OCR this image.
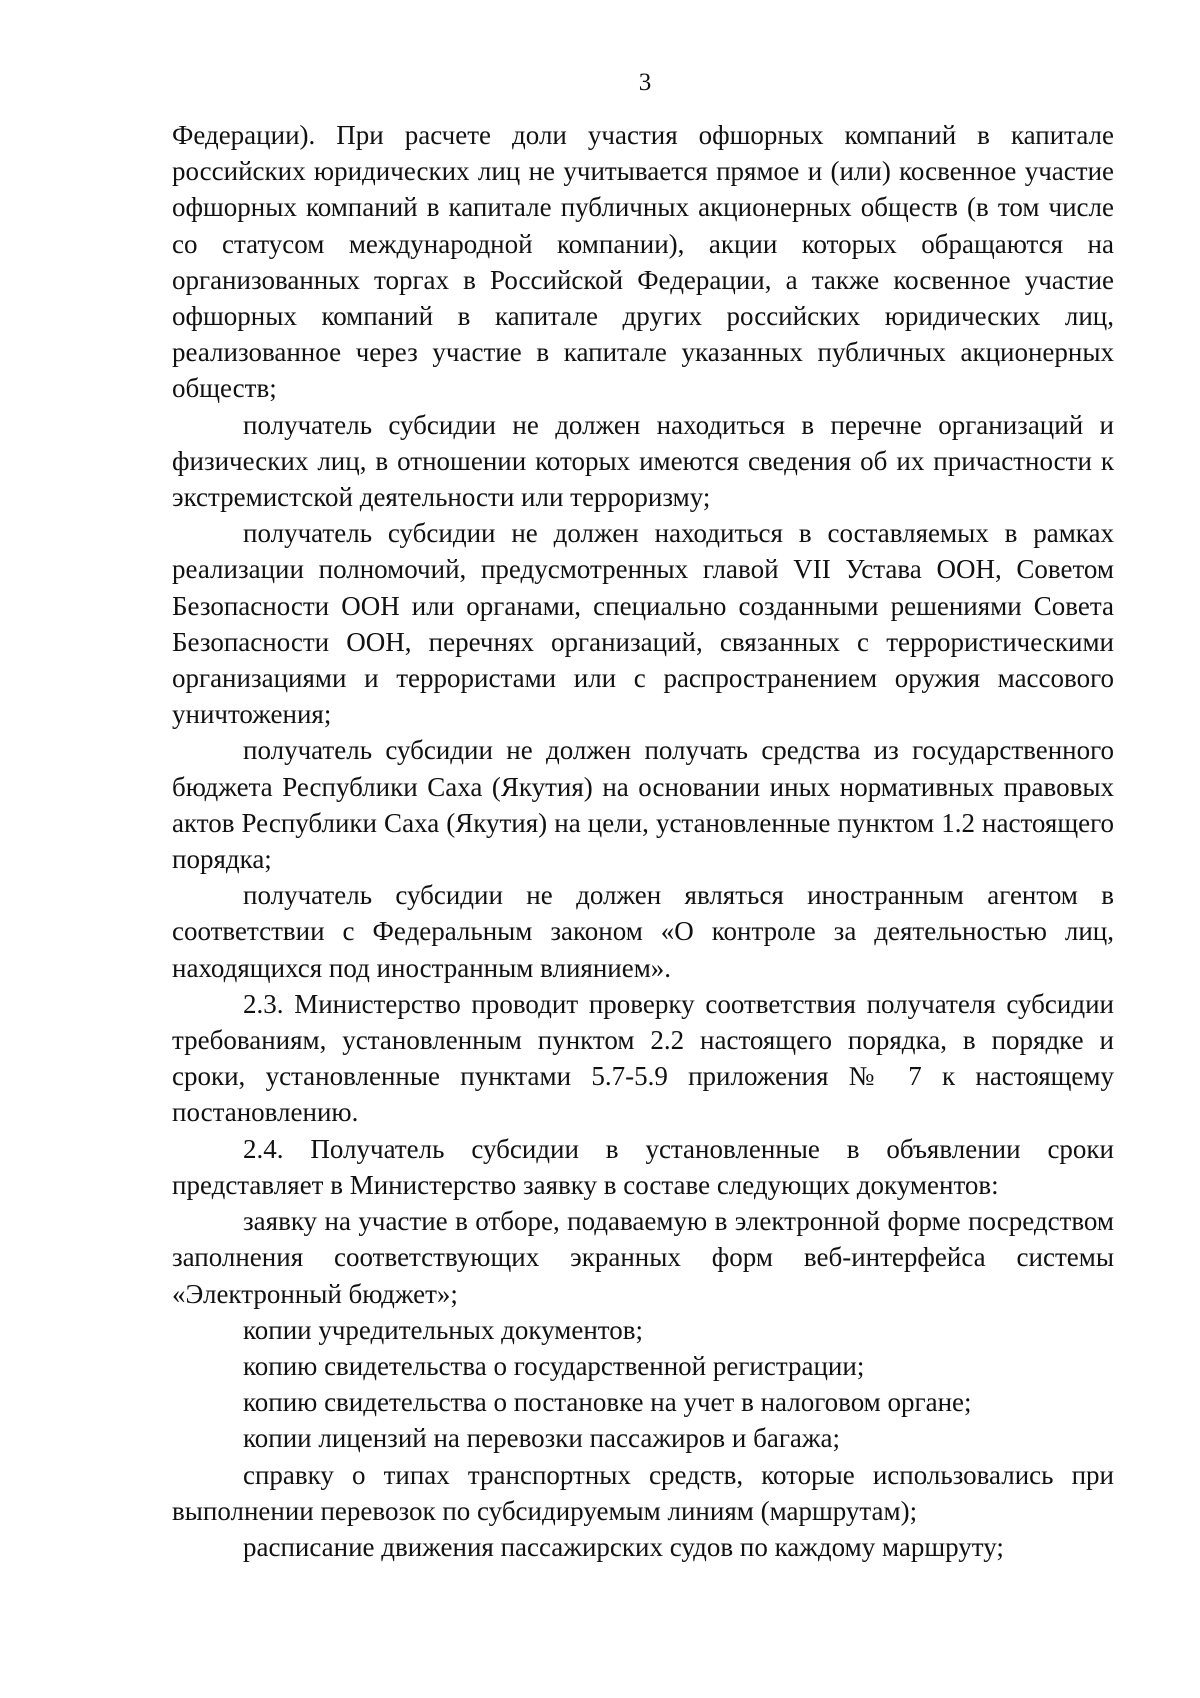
3

Федерации). При расчете доли участия офшорных компаний в капитале российских юридических лиц не учитывается прямое и (или) косвенное участие офшорных компаний в капитале публичных акционерных обществ (в том числе со статусом международной компании), акции которых обращаются на организованных торгах в Российской Федерации, а также косвенное участие офшорных компаний в капитале других российских юридических лиц, реализованное через участие в капитале указанных публичных акционерных обществ;

получатель субсидии не должен находиться в перечне организаций и физических лиц, в отношении которых имеются сведения об их причастности к экстремистской деятельности или терроризму;

получатель субсидии не должен находиться в составляемых в рамках реализации полномочий, предусмотренных главой VII Устава ООН, Советом Безопасности ООН или органами, специально созданными решениями Совета Безопасности ООН, перечнях организаций, связанных с террористическими организациями и террористами или с распространением оружия массового уничтожения;

получатель субсидии не должен получать средства из государственного бюджета Республики Саха (Якутия) на основании иных нормативных правовых актов Республики Саха (Якутия) на цели, установленные пунктом 1.2 настоящего порядка;

получатель субсидии не должен являться иностранным агентом в соответствии с Федеральным законом «О контроле за деятельностью лиц, находящихся под иностранным влиянием».

2.3. Министерство проводит проверку соответствия получателя субсидии требованиям, установленным пунктом 2.2 настоящего порядка, в порядке и сроки, установленные пунктами 5.7-5.9 приложения № 7 к настоящему постановлению.

2.4. Получатель субсидии в установленные в объявлении сроки представляет в Министерство заявку в составе следующих документов:

заявку на участие в отборе, подаваемую в электронной форме посредством заполнения соответствующих экранных форм веб-интерфейса системы «Электронный бюджет»;

копии учредительных документов;

копию свидетельства о государственной регистрации;

копию свидетельства о постановке на учет в налоговом органе;

копии лицензий на перевозки пассажиров и багажа;

справку о типах транспортных средств, которые использовались при выполнении перевозок по субсидируемым линиям (маршрутам);

расписание движения пассажирских судов по каждому маршруту;
